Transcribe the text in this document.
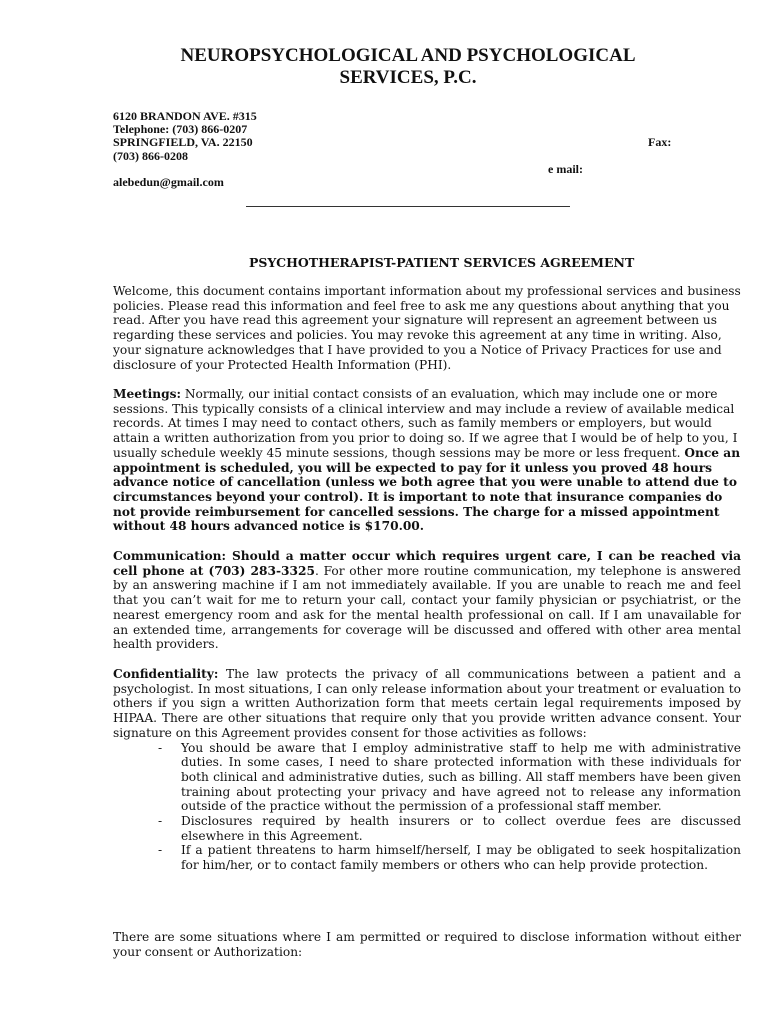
NEUROPSYCHOLOGICAL AND PSYCHOLOGICAL
SERVICES, P.C.
6120 BRANDON AVE. #315
Telephone: (703) 866-0207
SPRINGFIELD, VA. 22150	Fax:
(703) 866-0208
e mail:
alebedun@gmail.com
PSYCHOTHERAPIST-PATIENT SERVICES AGREEMENT

Welcome, this document contains important information about my professional services and business policies. Please read this information and feel free to ask me any questions about anything that you read. After you have read this agreement your signature will represent an agreement between us regarding these services and policies. You may revoke this agreement at any time in writing. Also, your signature acknowledges that I have provided to you a Notice of Privacy Practices for use and disclosure of your Protected Health Information (PHI).

Meetings: Normally, our initial contact consists of an evaluation, which may include one or more sessions. This typically consists of a clinical interview and may include a review of available medical records. At times I may need to contact others, such as family members or employers, but would attain a written authorization from you prior to doing so. If we agree that I would be of help to you, I usually schedule weekly 45 minute sessions, though sessions may be more or less frequent. Once an appointment is scheduled, you will be expected to pay for it unless you proved 48 hours advance notice of cancellation (unless we both agree that you were unable to attend due to circumstances beyond your control). It is important to note that insurance companies do not provide reimbursement for cancelled sessions. The charge for a missed appointment without 48 hours advanced notice is $170.00.

Communication: Should a matter occur which requires urgent care, I can be reached via cell phone at (703) 283-3325. For other more routine communication, my telephone is answered by an answering machine if I am not immediately available. If you are unable to reach me and feel that you can’t wait for me to return your call, contact your family physician or psychiatrist, or the nearest emergency room and ask for the mental health professional on call. If I am unavailable for an extended time, arrangements for coverage will be discussed and offered with other area mental health providers.

Confidentiality: The law protects the privacy of all communications between a patient and a psychologist. In most situations, I can only release information about your treatment or evaluation to others if you sign a written Authorization form that meets certain legal requirements imposed by HIPAA. There are other situations that require only that you provide written advance consent. Your signature on this Agreement provides consent for those activities as follows:

- You should be aware that I employ administrative staff to help me with administrative duties. In some cases, I need to share protected information with these individuals for both clinical and administrative duties, such as billing. All staff members have been given training about protecting your privacy and have agreed not to release any information outside of the practice without the permission of a professional staff member.
- Disclosures required by health insurers or to collect overdue fees are discussed elsewhere in this Agreement.
- If a patient threatens to harm himself/herself, I may be obligated to seek hospitalization for him/her, or to contact family members or others who can help provide protection.

There are some situations where I am permitted or required to disclose information without either your consent or Authorization:
